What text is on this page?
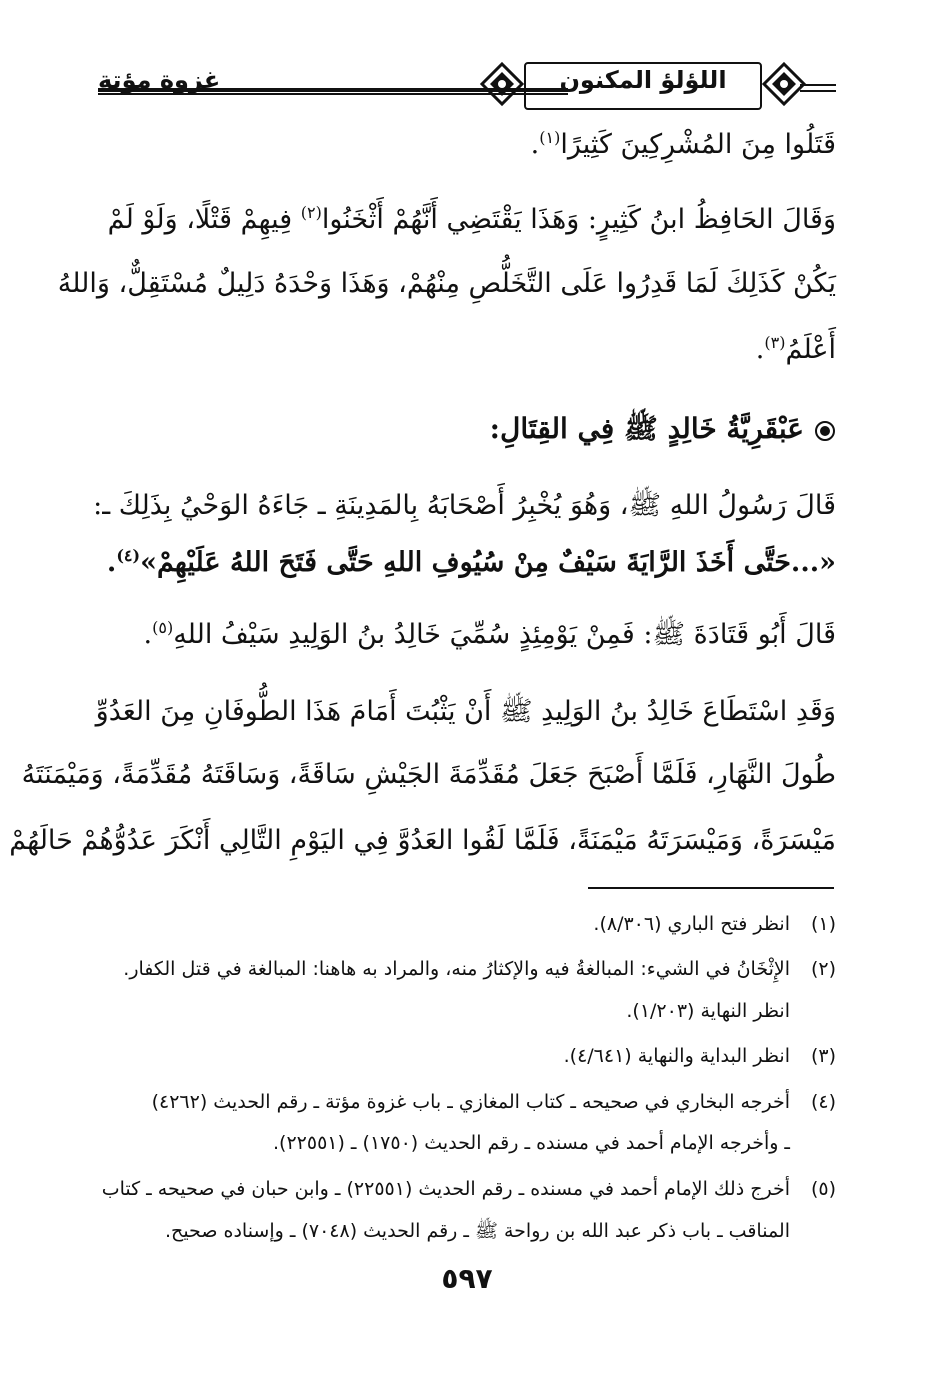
غزوة مؤتة	اللؤلؤ المكنون
قَتَلُوا مِنَ المُشْرِكِينَ كَثِيرًا$^{(١)}$.
وَقَالَ الحَافِظُ ابنُ كَثِيرٍ: وَهَذَا يَقْتَضِي أَنَّهُمْ أَثْخَنُوا$^{(٢)}$ فِيهِمْ قَتْلًا، وَلَوْ لَمْ
يَكُنْ كَذَلِكَ لَمَا قَدِرُوا عَلَى التَّخَلُّصِ مِنْهُمْ، وَهَذَا وَحْدَهُ دَلِيلٌ مُسْتَقِلٌّ، وَاللهُ
أَعْلَمُ$^{(٣)}$.
عَبْقَرِيَّةُ خَالِدٍ ﷺ فِي القِتَالِ:
قَالَ رَسُولُ اللهِ ﷺ، وَهُوَ يُخْبِرُ أَصْحَابَهُ بِالمَدِينَةِ ـ جَاءَهُ الوَحْيُ بِذَلِكَ ـ:
«...حَتَّى أَخَذَ الرَّايَةَ سَيْفٌ مِنْ سُيُوفِ اللهِ حَتَّى فَتَحَ اللهُ عَلَيْهِمْ»$^{(٤)}$.
قَالَ أَبُو قَتَادَةَ ﷺ: فَمِنْ يَوْمِئِذٍ سُمِّيَ خَالِدُ بنُ الوَلِيدِ سَيْفُ اللهِ$^{(٥)}$.
وَقَدِ اسْتَطَاعَ خَالِدُ بنُ الوَلِيدِ ﷺ أَنْ يَثْبُتَ أَمَامَ هَذَا الطُّوفَانِ مِنَ العَدُوِّ
طُولَ النَّهَارِ، فَلَمَّا أَصْبَحَ جَعَلَ مُقَدِّمَةَ الجَيْشِ سَاقَةً، وَسَاقَتَهُ مُقَدِّمَةً، وَمَيْمَنَتَهُ
مَيْسَرَةً، وَمَيْسَرَتَهُ مَيْمَنَةً، فَلَمَّا لَقُوا العَدُوَّ فِي اليَوْمِ التَّالِي أَنْكَرَ عَدُوُّهُمْ حَالَهُمْ
(١)انظر فتح الباري (٨/٣٠٦).
(٢)الإِثْخَانُ في الشيء: المبالغةُ فيه والإكثارُ منه، والمراد به هاهنا: المبالغة في قتل الكفار.
انظر النهاية (١/٢٠٣).
(٣)انظر البداية والنهاية (٤/٦٤١).
(٤)أخرجه البخاري في صحيحه ـ كتاب المغازي ـ باب غزوة مؤتة ـ رقم الحديث (٤٢٦٢)
ـ وأخرجه الإمام أحمد في مسنده ـ رقم الحديث (١٧٥٠) ـ (٢٢٥٥١).
(٥)أخرج ذلك الإمام أحمد في مسنده ـ رقم الحديث (٢٢٥٥١) ـ وابن حبان في صحيحه ـ كتاب
المناقب ـ باب ذكر عبد الله بن رواحة ﷺ ـ رقم الحديث (٧٠٤٨) ـ وإسناده صحيح.
٥٩٧
